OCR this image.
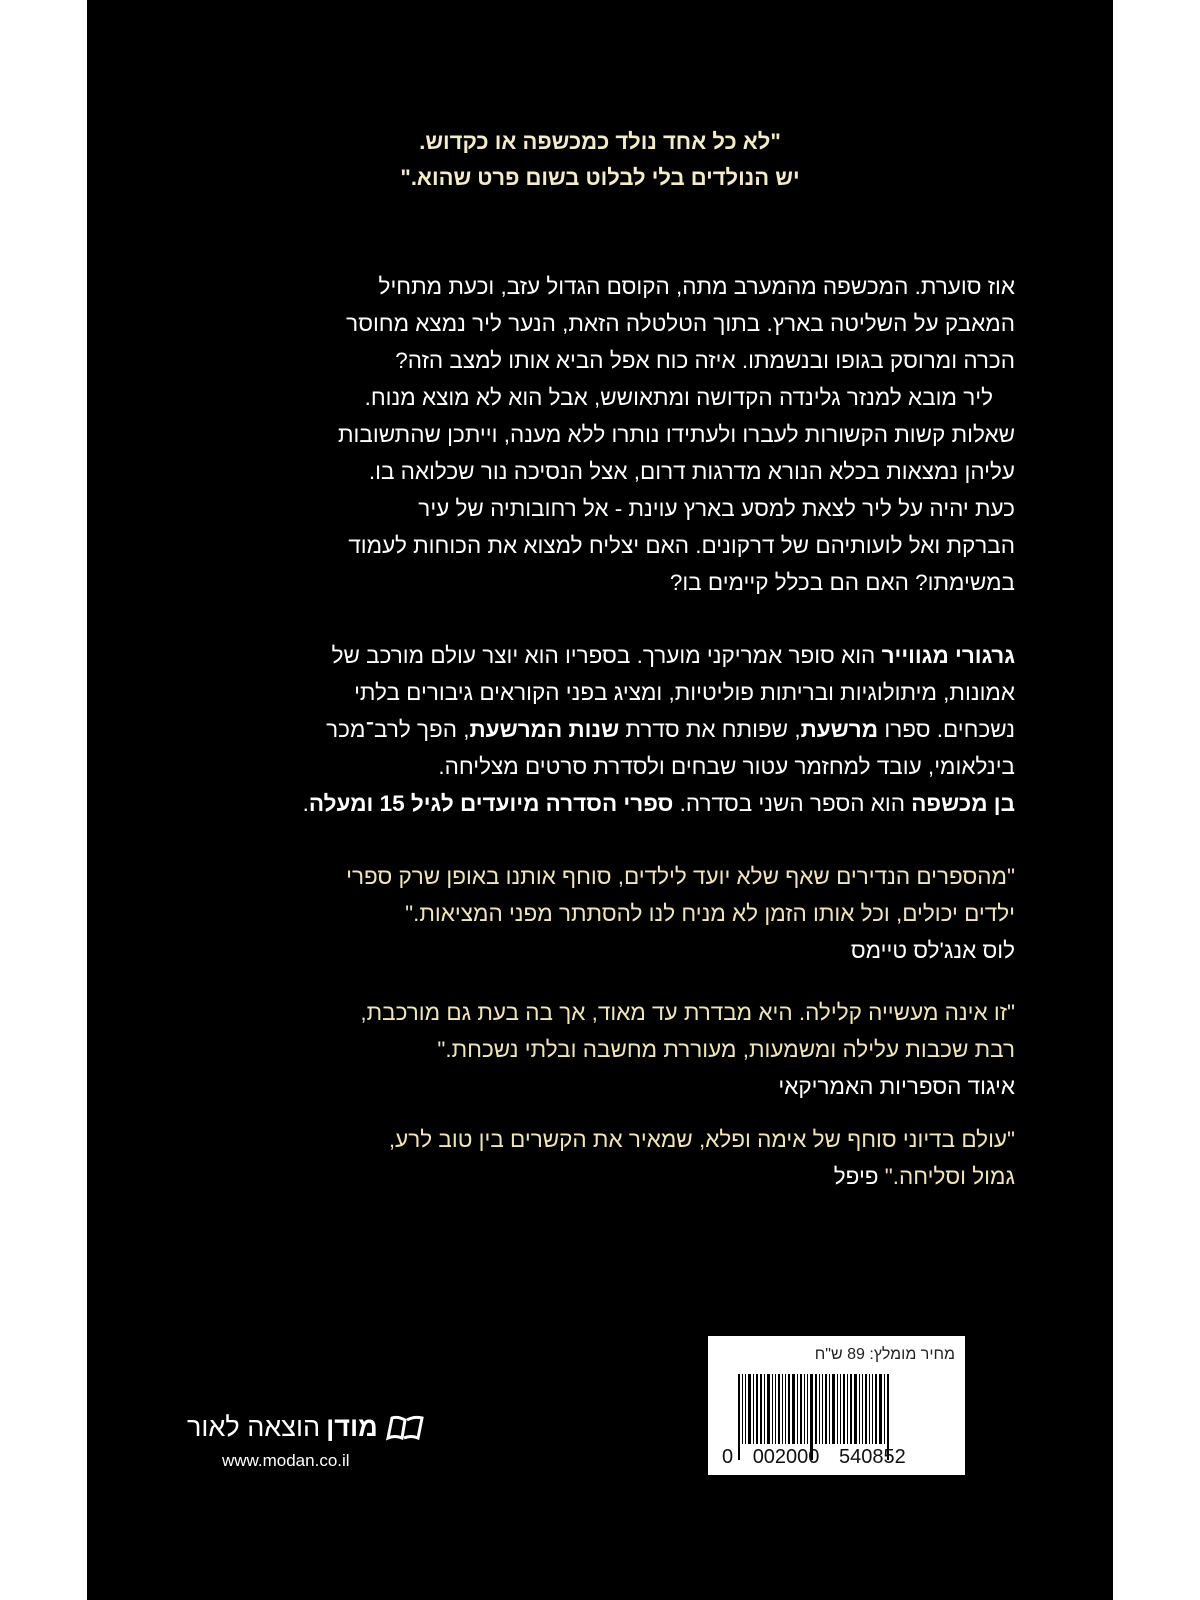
"לא כל אחד נולד כמכשפה או כקדוש.
יש הנולדים בלי לבלוט בשום פרט שהוא."
אוז סוערת. המכשפה מהמערב מתה, הקוסם הגדול עזב, וכעת מתחיל
המאבק על השליטה בארץ. בתוך הטלטלה הזאת, הנער ליר נמצא מחוסר
הכרה ומרוסק בגופו ובנשמתו. איזה כוח אפל הביא אותו למצב הזה?
ליר מובא למנזר גלינדה הקדושה ומתאושש, אבל הוא לא מוצא מנוח.
שאלות קשות הקשורות לעברו ולעתידו נותרו ללא מענה, וייתכן שהתשובות
עליהן נמצאות בכלא הנורא מדרגות דרום, אצל הנסיכה נור שכלואה בו.
כעת יהיה על ליר לצאת למסע בארץ עוינת - אל רחובותיה של עיר
הברקת ואל לועותיהם של דרקונים. האם יצליח למצוא את הכוחות לעמוד
במשימתו? האם הם בכלל קיימים בו?
גרגורי מגווייר הוא סופר אמריקני מוערך. בספריו הוא יוצר עולם מורכב של
אמונות, מיתולוגיות ובריתות פוליטיות, ומציג בפני הקוראים גיבורים בלתי
נשכחים. ספרו מרשעת, שפותח את סדרת שנות המרשעת, הפך לרב־מכר
בינלאומי, עובד למחזמר עטור שבחים ולסדרת סרטים מצליחה.
בן מכשפה הוא הספר השני בסדרה. ספרי הסדרה מיועדים לגיל 15 ומעלה.
"מהספרים הנדירים שאף שלא יועד לילדים, סוחף אותנו באופן שרק ספרי
ילדים יכולים, וכל אותו הזמן לא מניח לנו להסתתר מפני המציאות."
לוס אנג'לס טיימס
"זו אינה מעשייה קלילה. היא מבדרת עד מאוד, אך בה בעת גם מורכבת,
רבת שכבות עלילה ומשמעות, מעוררת מחשבה ובלתי נשכחת."
איגוד הספריות האמריקאי
"עולם בדיוני סוחף של אימה ופלא, שמאיר את הקשרים בין טוב לרע,
גמול וסליחה." פיפל
מחיר מומלץ: 89 ש"ח
0 002000 540852
מודן
הוצאה לאור
www.modan.co.il
